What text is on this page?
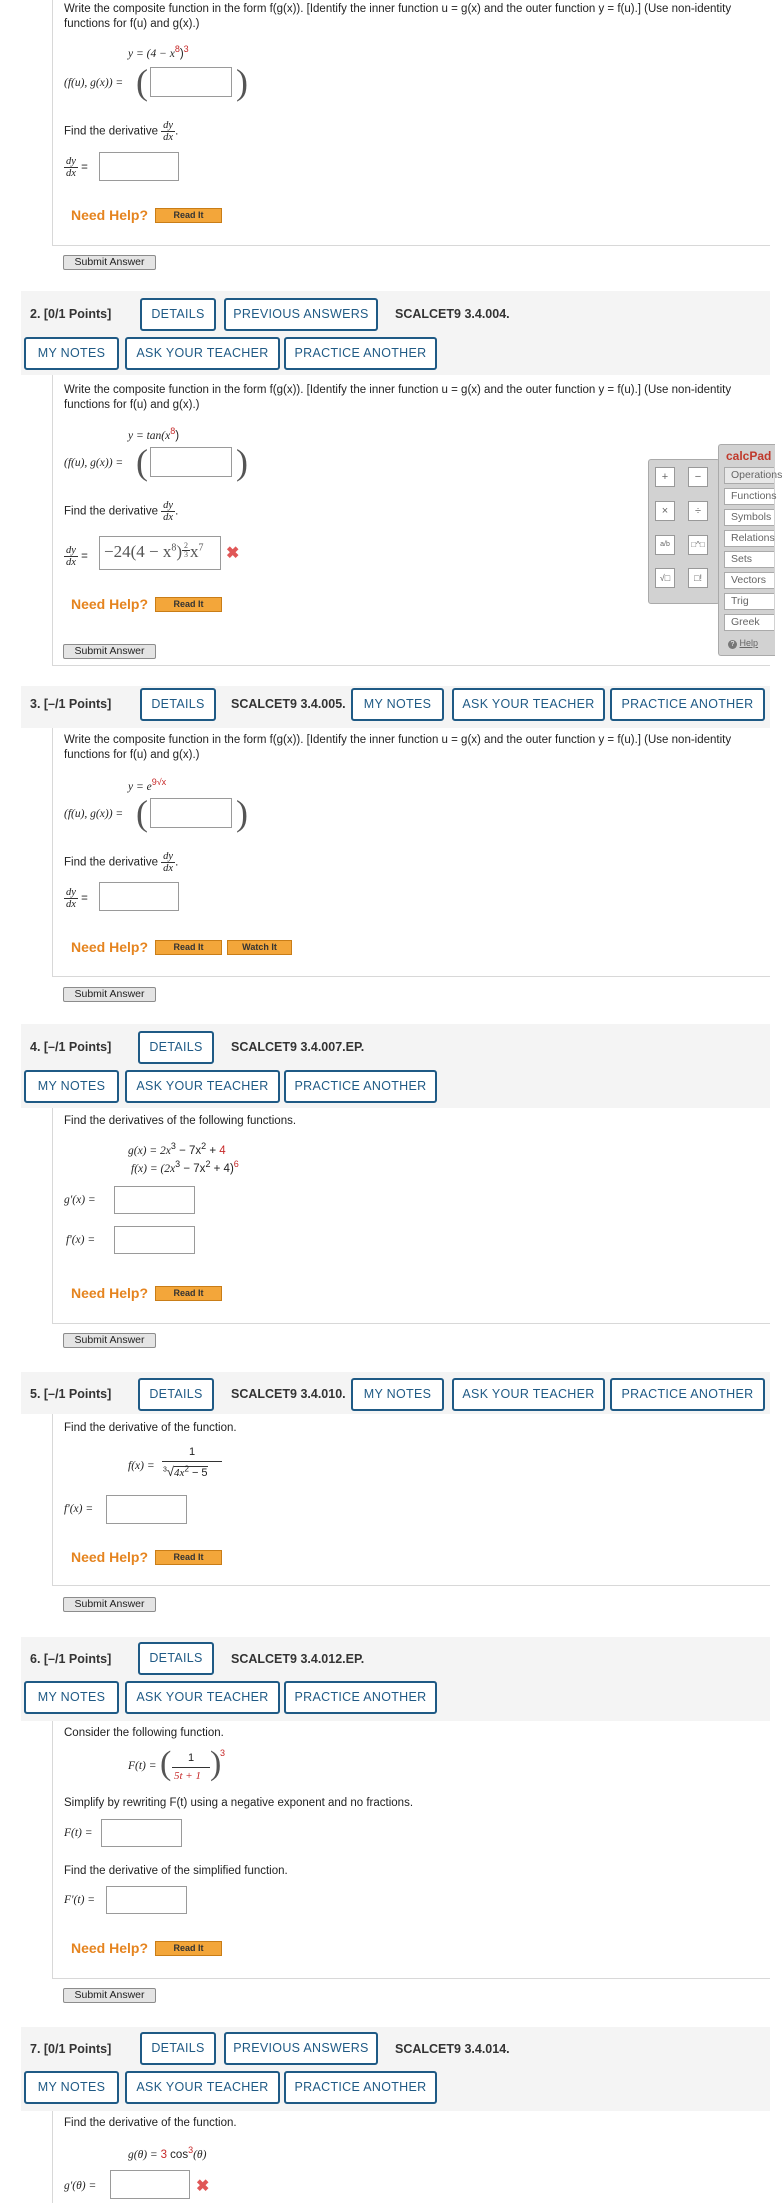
Write the composite function in the form f(g(x)). [Identify the inner function u = g(x) and the outer function y = f(u).] (Use non-identity functions for f(u) and g(x).)
$y = (4 - x^8)^3$
(f(u), g(x)) = ( )
Find the derivative $\frac{dy}{dx}$ .
$\frac{dy}{dx}$ =
Need Help?	Read It
Submit Answer
2. [0/1 Points]	DETAILS	PREVIOUS ANSWERS	SCALCET9 3.4.004.
MY NOTES	ASK YOUR TEACHER	PRACTICE ANOTHER
Write the composite function in the form f(g(x)). [Identify the inner function u = g(x) and the outer function y = f(u).] (Use non-identity functions for f(u) and g(x).)
$y = \tan(x^8)$
(f(u), g(x)) = ( )
Find the derivative $\frac{dy}{dx}$ .
$\frac{dy}{dx} = -24(4 - x^8) \frac{2}{3} x^7$	✖
Need Help?	Read It
Submit Answer
+	−
×	÷
a/b	□^□
√□	□!
calcPad
Operations
Functions
Symbols
Relations
Sets
Vectors
Trig
Greek
? Help
3. [–/1 Points]	DETAILS	SCALCET9 3.4.005.	MY NOTES	ASK YOUR TEACHER	PRACTICE ANOTHER
Write the composite function in the form f(g(x)). [Identify the inner function u = g(x) and the outer function y = f(u).] (Use non-identity functions for f(u) and g(x).)
$y = e^{9√x}$
(f(u), g(x)) = ( )
Find the derivative $\frac{dy}{dx}$ .
$\frac{dy}{dx}$ =
Need Help?	Read It	Watch It
Submit Answer
4. [–/1 Points]	DETAILS	SCALCET9 3.4.007.EP.
MY NOTES	ASK YOUR TEACHER	PRACTICE ANOTHER
Find the derivatives of the following functions.
$g(x) = 2x^3 - 7x^2 + 4$
$f(x) = (2x^3 - 7x^2 + 4)^6$
g′(x) =
f′(x) =
Need Help?	Read It
Submit Answer
5. [–/1 Points]	DETAILS	SCALCET9 3.4.010.	MY NOTES	ASK YOUR TEACHER	PRACTICE ANOTHER
Find the derivative of the function.
f(x) =
1
$^3√4x^2 - 5$
f′(x) =
Need Help?	Read It
Submit Answer
6. [–/1 Points]	DETAILS	SCALCET9 3.4.012.EP.
MY NOTES	ASK YOUR TEACHER	PRACTICE ANOTHER
Consider the following function.
F(t) = ( 1
5t + 1 )
3
Simplify by rewriting F(t) using a negative exponent and no fractions.
F(t) =
Find the derivative of the simplified function.
F′(t) =
Need Help?	Read It
Submit Answer
7. [0/1 Points]	DETAILS	PREVIOUS ANSWERS	SCALCET9 3.4.014.
MY NOTES	ASK YOUR TEACHER	PRACTICE ANOTHER
Find the derivative of the function.
g(θ) = 3 $\cos^3(\theta)$
g′(θ) =	✖
